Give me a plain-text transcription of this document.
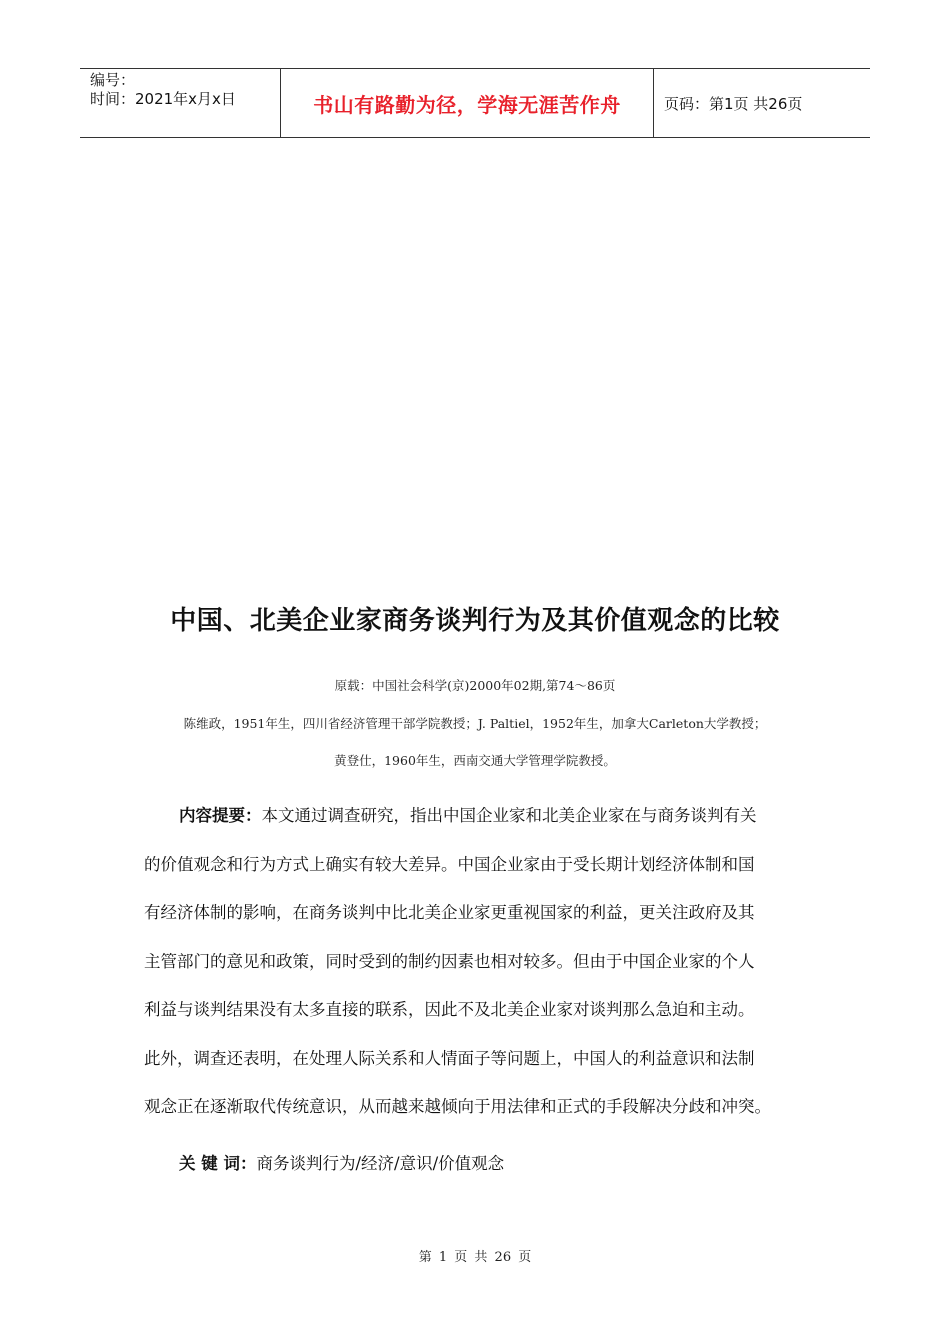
编号：
时间：2021年x月x日	书山有路勤为径，学海无涯苦作舟	页码：第1页 共26页
中国、北美企业家商务谈判行为及其价值观念的比较

原载：中国社会科学(京)2000年02期,第74～86页

陈维政，1951年生，四川省经济管理干部学院教授；J. Paltiel，1952年生，加拿大Carleton大学教授；

黄登仕，1960年生，西南交通大学管理学院教授。

内容提要：本文通过调查研究，指出中国企业家和北美企业家在与商务谈判有关

的价值观念和行为方式上确实有较大差异。中国企业家由于受长期计划经济体制和国

有经济体制的影响，在商务谈判中比北美企业家更重视国家的利益，更关注政府及其

主管部门的意见和政策，同时受到的制约因素也相对较多。但由于中国企业家的个人

利益与谈判结果没有太多直接的联系，因此不及北美企业家对谈判那么急迫和主动。

此外，调查还表明，在处理人际关系和人情面子等问题上，中国人的利益意识和法制

观念正在逐渐取代传统意识，从而越来越倾向于用法律和正式的手段解决分歧和冲突。

关 键 词：商务谈判行为/经济/意识/价值观念

第 1 页 共 26 页
